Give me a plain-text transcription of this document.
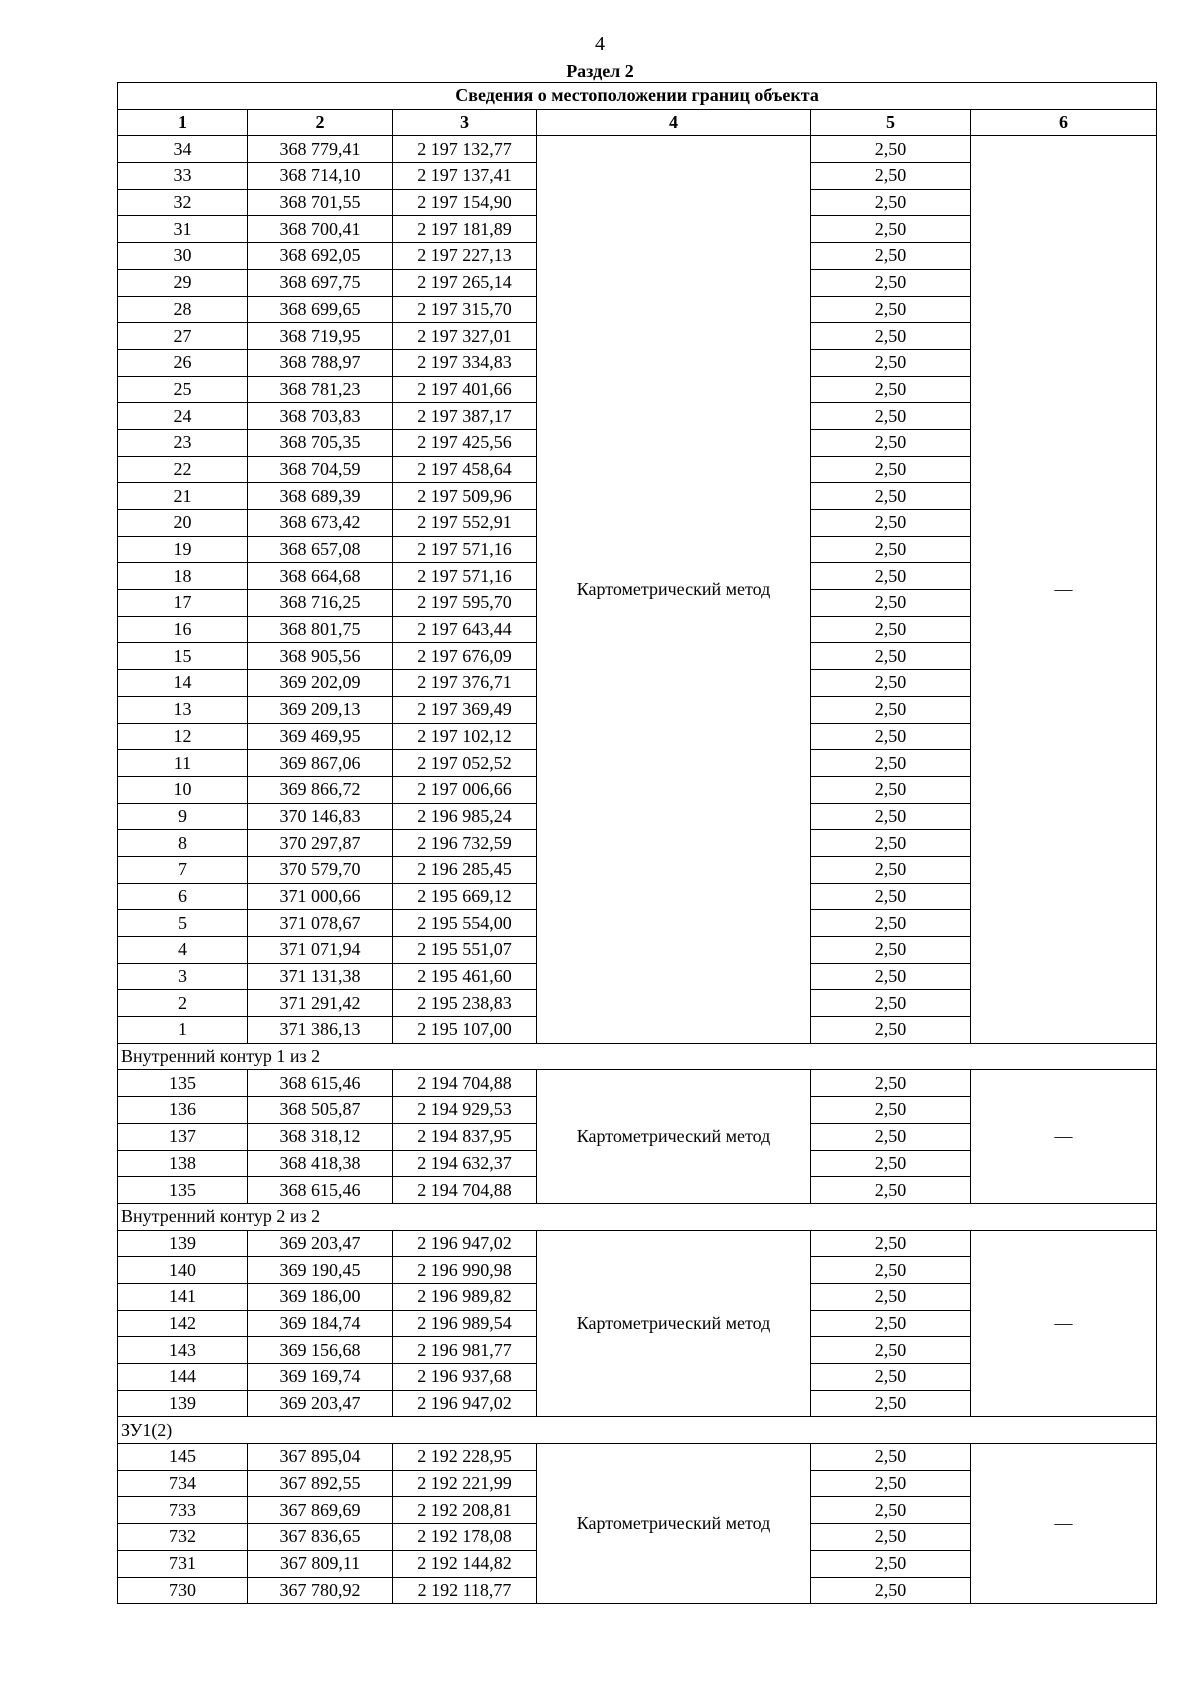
4
Раздел 2
Сведения о местоположении границ объекта					
1	2	3	4	5	6
34	368 779,41	2 197 132,77	Картометрический метод	2,50	—
33	368 714,10	2 197 137,41		2,50	
32	368 701,55	2 197 154,90		2,50	
31	368 700,41	2 197 181,89		2,50	
30	368 692,05	2 197 227,13		2,50	
29	368 697,75	2 197 265,14		2,50	
28	368 699,65	2 197 315,70		2,50	
27	368 719,95	2 197 327,01		2,50	
26	368 788,97	2 197 334,83		2,50	
25	368 781,23	2 197 401,66		2,50	
24	368 703,83	2 197 387,17		2,50	
23	368 705,35	2 197 425,56		2,50	
22	368 704,59	2 197 458,64		2,50	
21	368 689,39	2 197 509,96		2,50	
20	368 673,42	2 197 552,91		2,50	
19	368 657,08	2 197 571,16		2,50	
18	368 664,68	2 197 571,16		2,50	
17	368 716,25	2 197 595,70		2,50	
16	368 801,75	2 197 643,44		2,50	
15	368 905,56	2 197 676,09		2,50	
14	369 202,09	2 197 376,71		2,50	
13	369 209,13	2 197 369,49		2,50	
12	369 469,95	2 197 102,12		2,50	
11	369 867,06	2 197 052,52		2,50	
10	369 866,72	2 197 006,66		2,50	
9	370 146,83	2 196 985,24		2,50	
8	370 297,87	2 196 732,59		2,50	
7	370 579,70	2 196 285,45		2,50	
6	371 000,66	2 195 669,12		2,50	
5	371 078,67	2 195 554,00		2,50	
4	371 071,94	2 195 551,07		2,50	
3	371 131,38	2 195 461,60		2,50	
2	371 291,42	2 195 238,83		2,50	
1	371 386,13	2 195 107,00		2,50	
Внутренний контур 1 из 2					
135	368 615,46	2 194 704,88	Картометрический метод	2,50	—
136	368 505,87	2 194 929,53		2,50	
137	368 318,12	2 194 837,95		2,50	
138	368 418,38	2 194 632,37		2,50	
135	368 615,46	2 194 704,88		2,50	
Внутренний контур 2 из 2					
139	369 203,47	2 196 947,02	Картометрический метод	2,50	—
140	369 190,45	2 196 990,98		2,50	
141	369 186,00	2 196 989,82		2,50	
142	369 184,74	2 196 989,54		2,50	
143	369 156,68	2 196 981,77		2,50	
144	369 169,74	2 196 937,68		2,50	
139	369 203,47	2 196 947,02		2,50	
ЗУ1(2)					
145	367 895,04	2 192 228,95	Картометрический метод	2,50	—
734	367 892,55	2 192 221,99		2,50	
733	367 869,69	2 192 208,81		2,50	
732	367 836,65	2 192 178,08		2,50	
731	367 809,11	2 192 144,82		2,50	
730	367 780,92	2 192 118,77		2,50	
